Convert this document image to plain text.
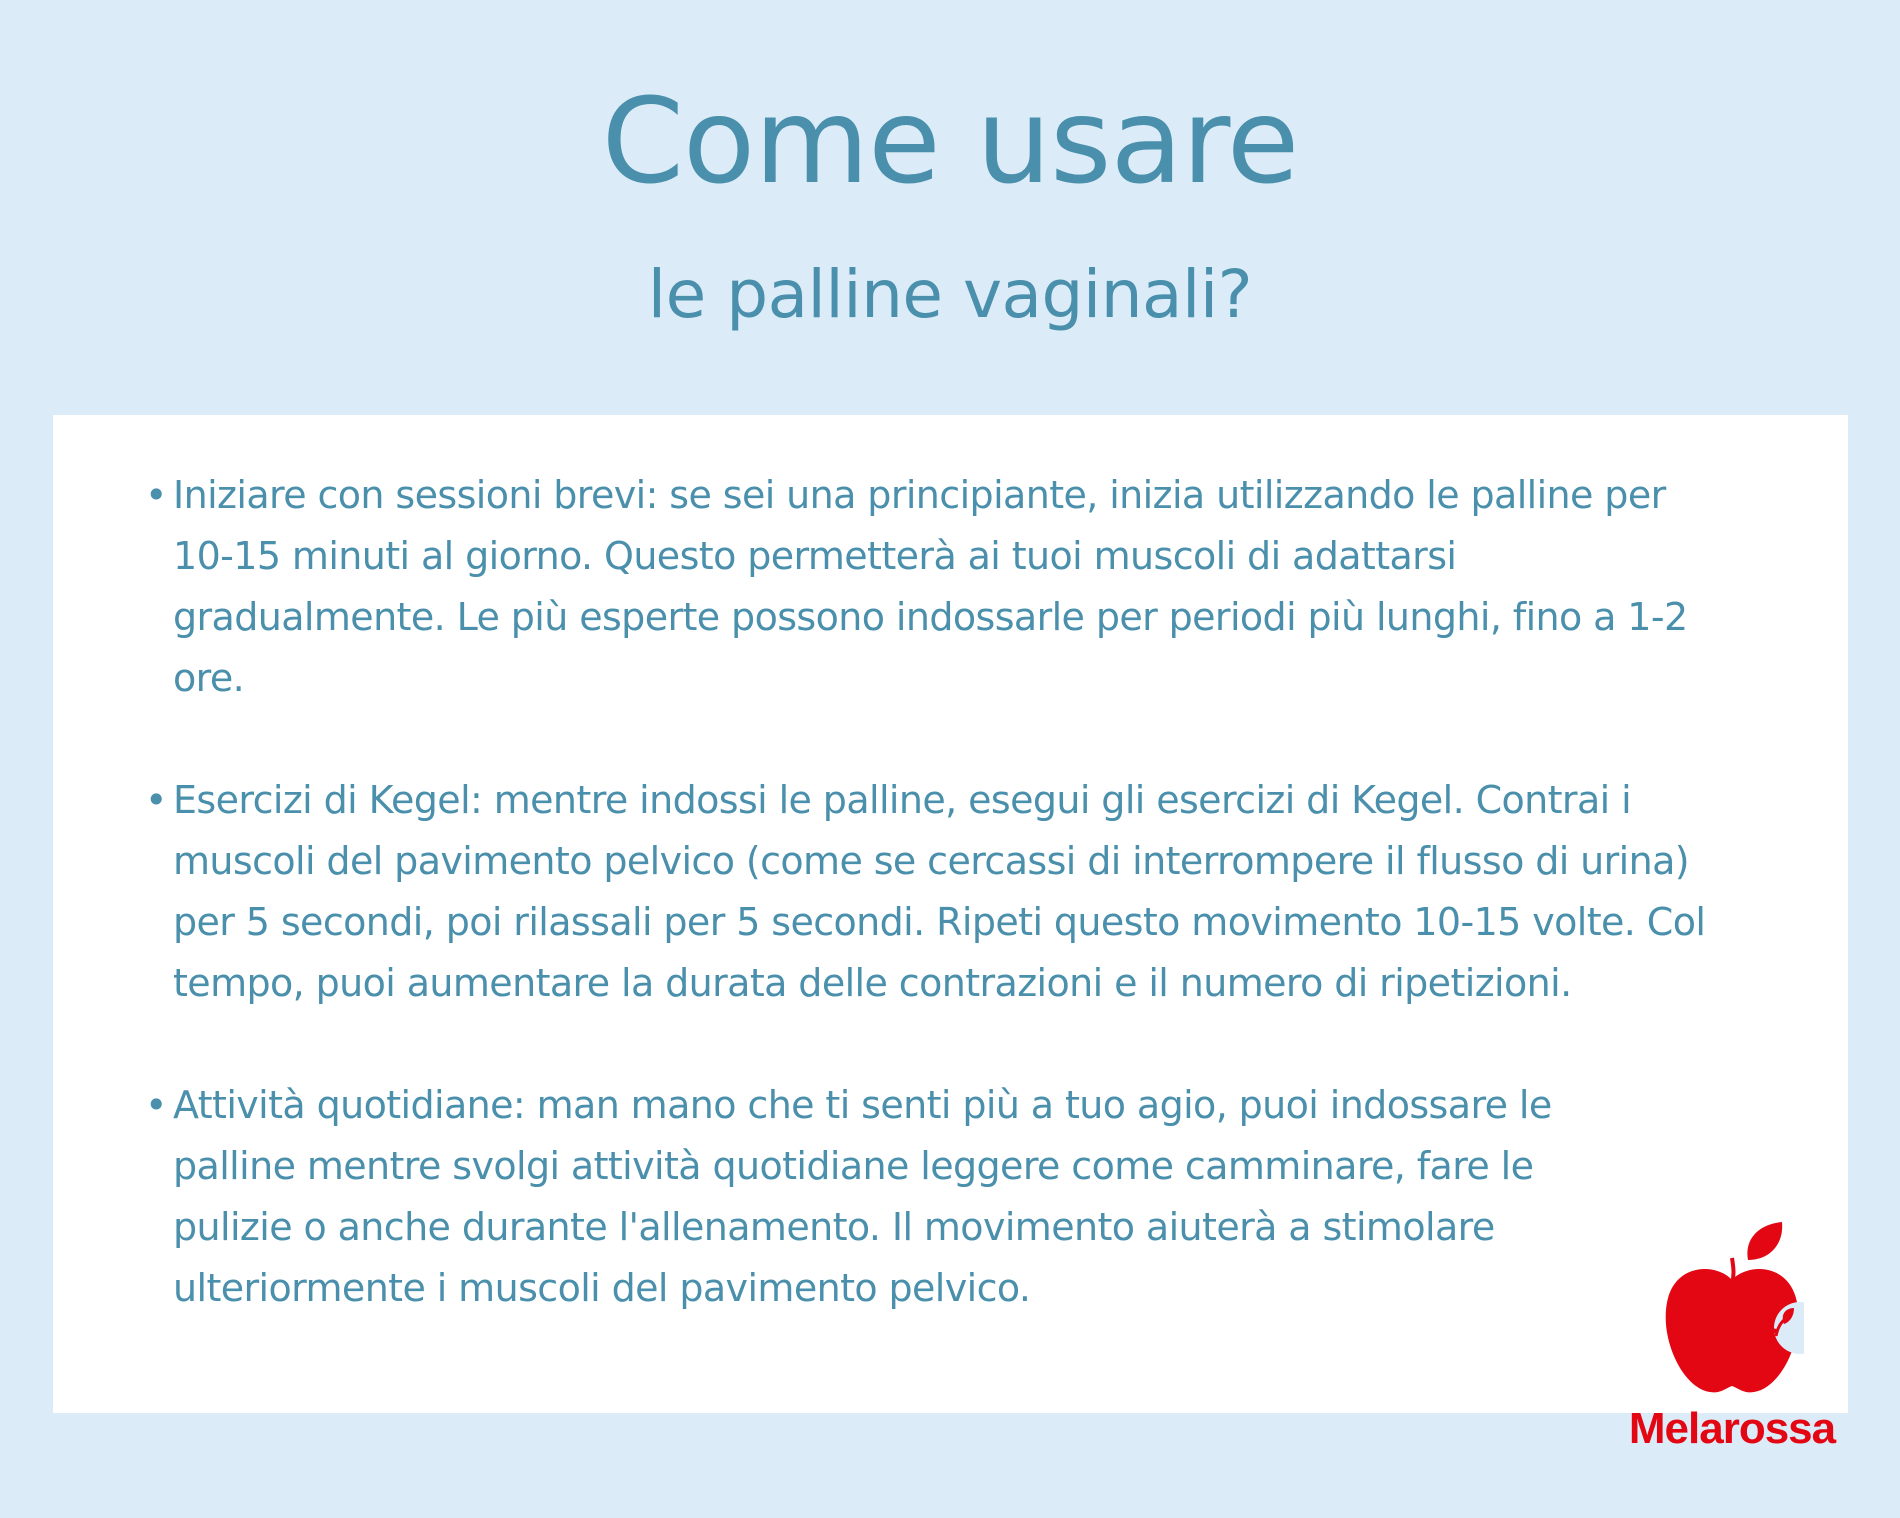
Come usare
le palline vaginali?
• Iniziare con sessioni brevi: se sei una principiante, inizia utilizzando le palline per 10-15 minuti al giorno. Questo permetterà ai tuoi muscoli di adattarsi gradualmente. Le più esperte possono indossarle per periodi più lunghi, fino a 1-2 ore.
• Esercizi di Kegel: mentre indossi le palline, esegui gli esercizi di Kegel. Contrai i muscoli del pavimento pelvico (come se cercassi di interrompere il flusso di urina) per 5 secondi, poi rilassali per 5 secondi. Ripeti questo movimento 10-15 volte. Col tempo, puoi aumentare la durata delle contrazioni e il numero di ripetizioni.
• Attività quotidiane: man mano che ti senti più a tuo agio, puoi indossare le palline mentre svolgi attività quotidiane leggere come camminare, fare le pulizie o anche durante l'allenamento. Il movimento aiuterà a stimolare ulteriormente i muscoli del pavimento pelvico.
Melarossa
